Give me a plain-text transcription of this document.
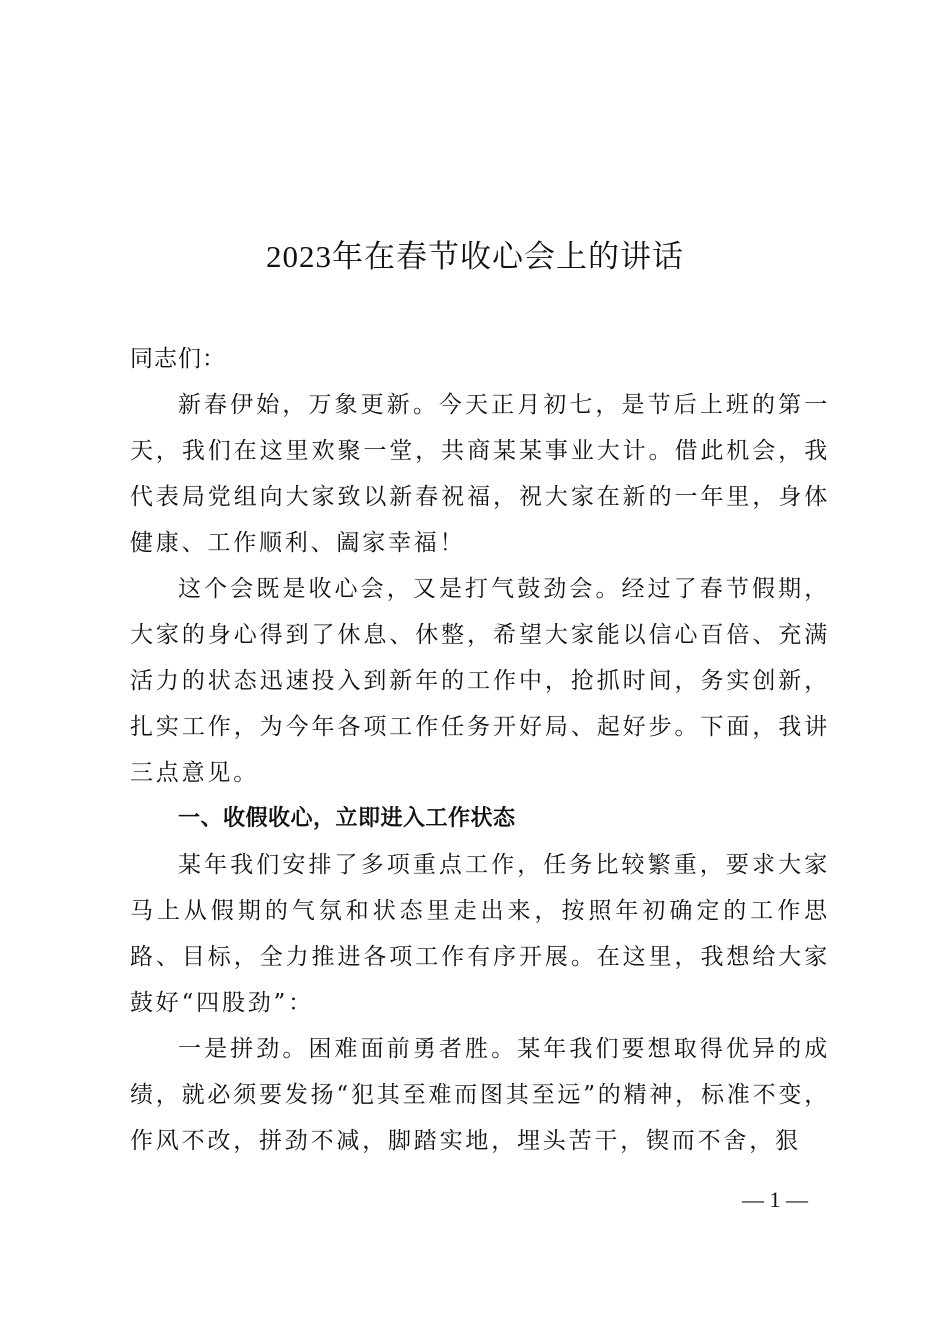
2023年在春节收心会上的讲话

同志们：

新春伊始，万象更新。今天正月初七，是节后上班的第一天，我们在这里欢聚一堂，共商某某事业大计。借此机会，我代表局党组向大家致以新春祝福，祝大家在新的一年里，身体健康、工作顺利、阖家幸福！

这个会既是收心会，又是打气鼓劲会。经过了春节假期，大家的身心得到了休息、休整，希望大家能以信心百倍、充满活力的状态迅速投入到新年的工作中，抢抓时间，务实创新，扎实工作，为今年各项工作任务开好局、起好步。下面，我讲三点意见。

一、收假收心，立即进入工作状态

某年我们安排了多项重点工作，任务比较繁重，要求大家马上从假期的气氛和状态里走出来，按照年初确定的工作思路、目标，全力推进各项工作有序开展。在这里，我想给大家鼓好“四股劲”：

一是拼劲。困难面前勇者胜。某年我们要想取得优异的成绩，就必须要发扬“犯其至难而图其至远”的精神，标准不变，作风不改，拼劲不减，脚踏实地，埋头苦干，锲而不舍，狠

— 1 —
